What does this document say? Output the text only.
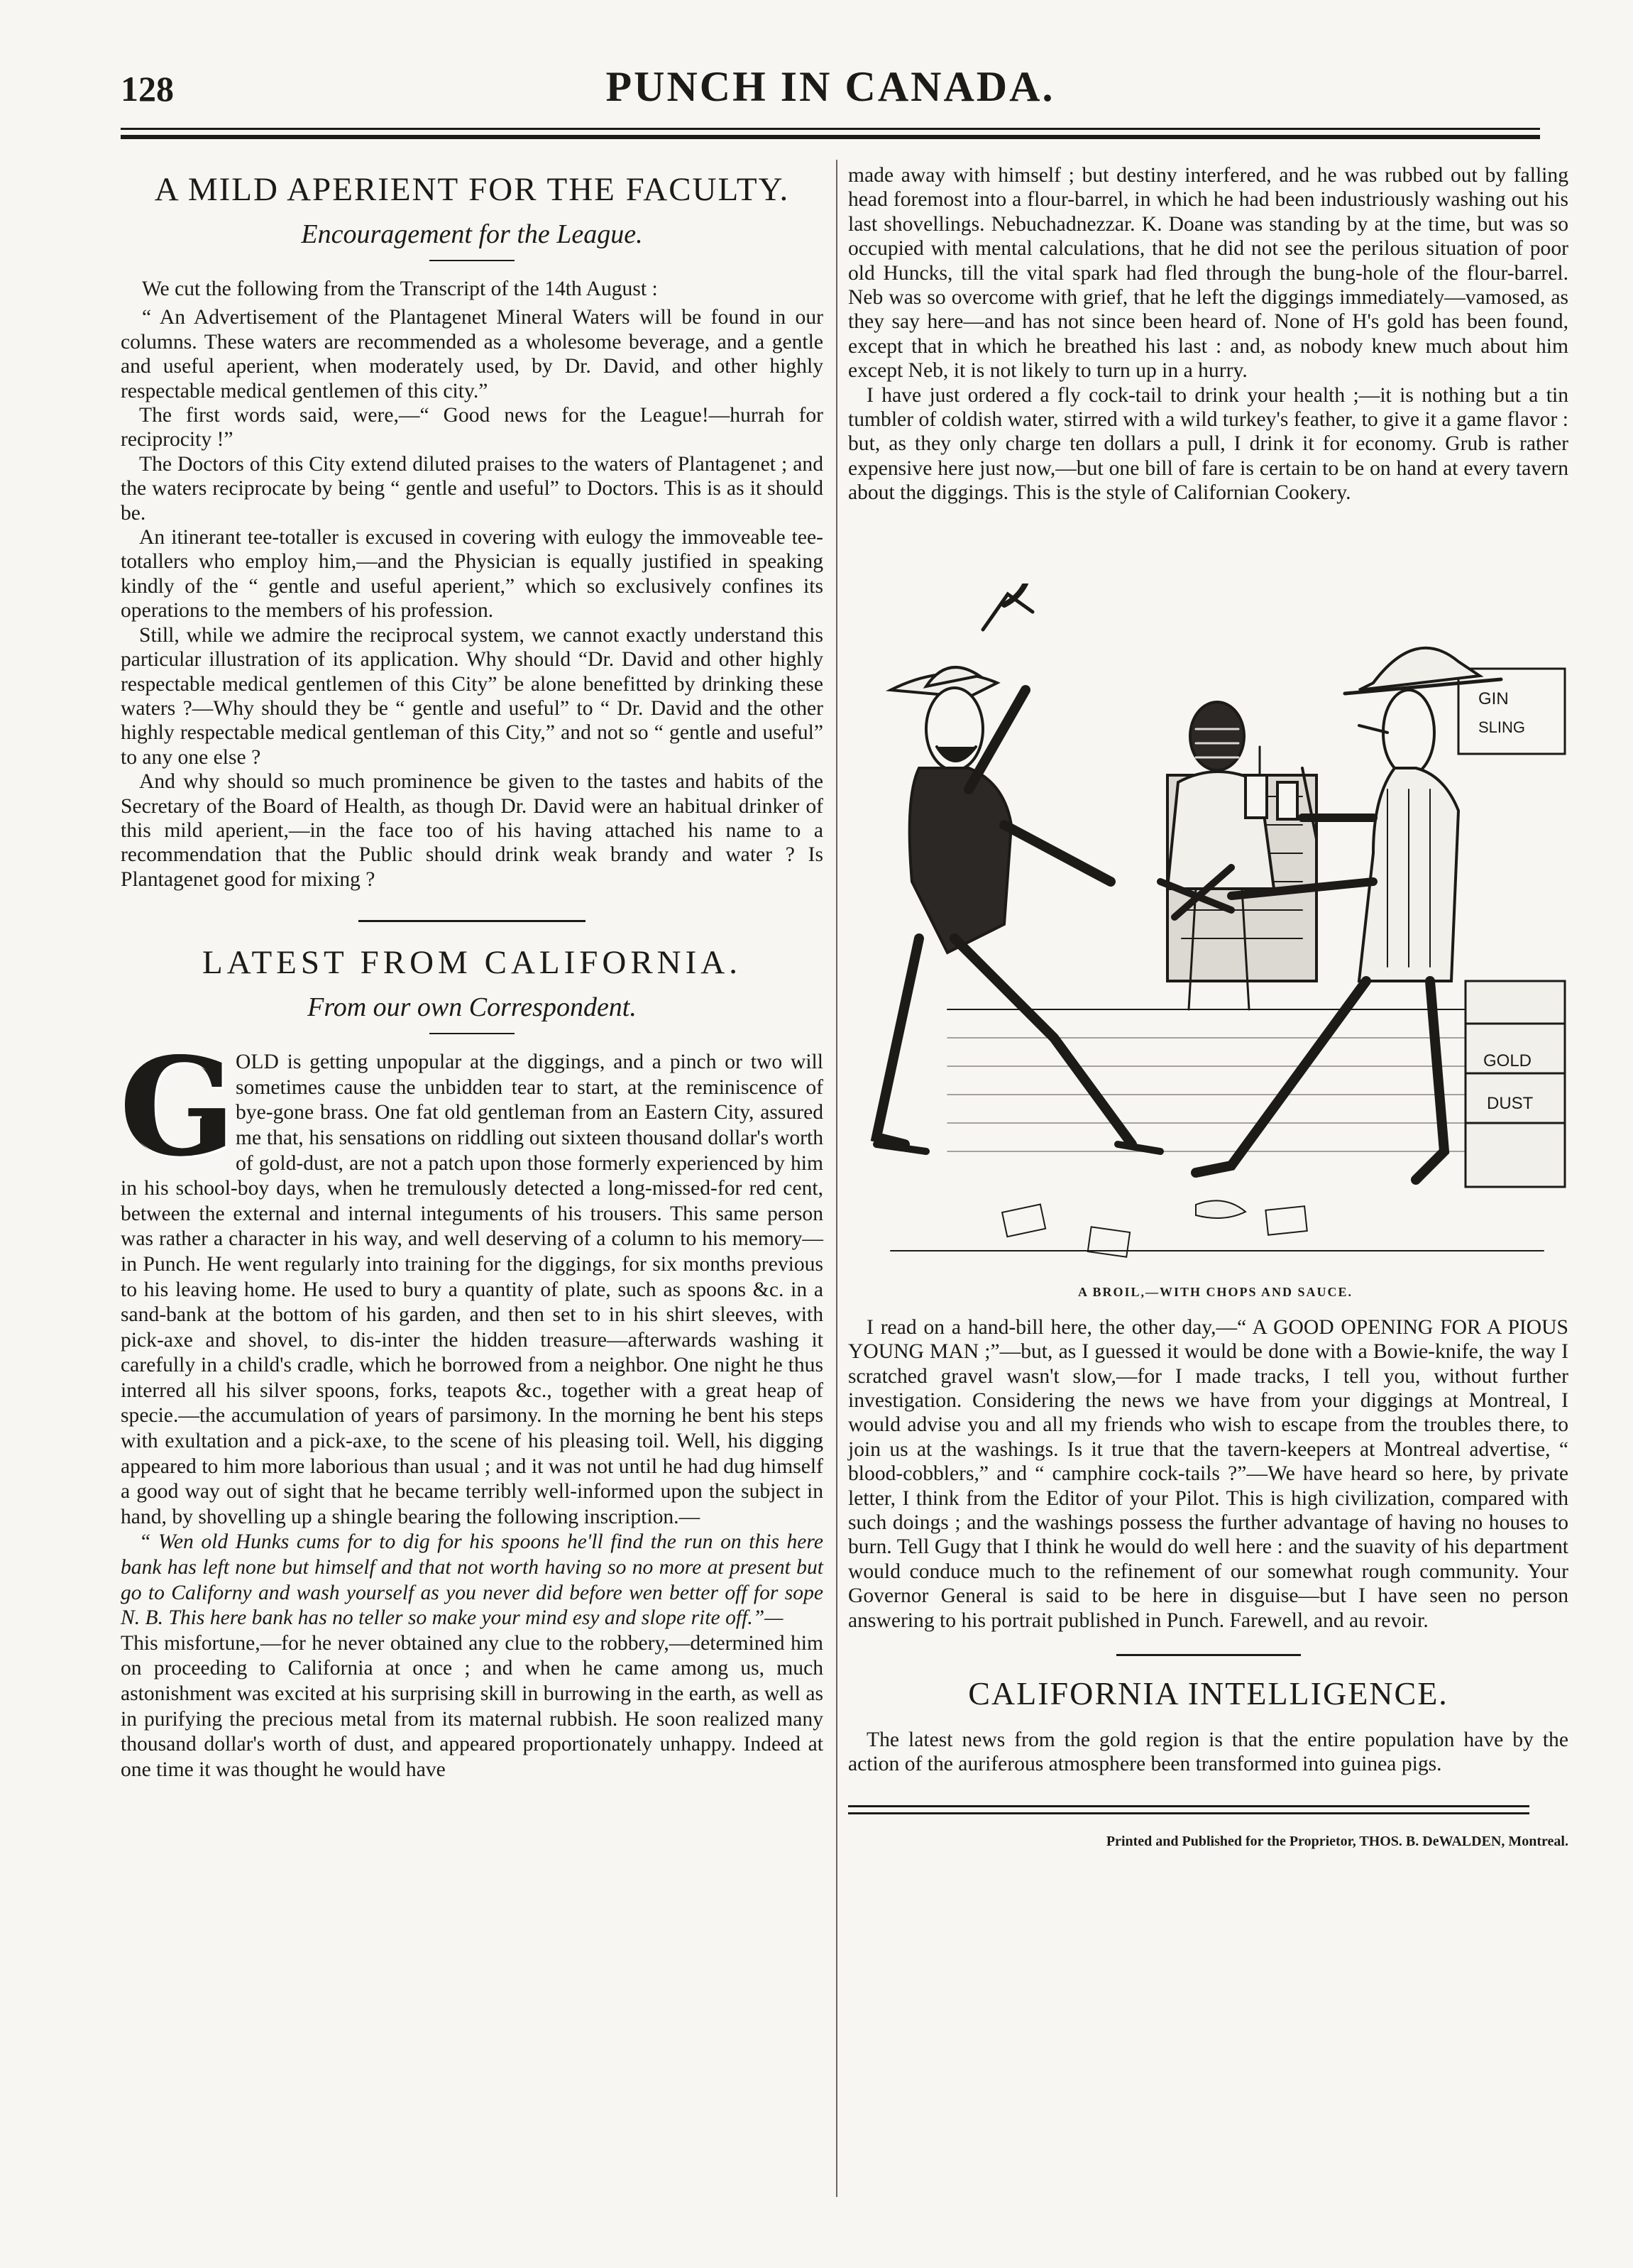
128	PUNCH IN CANADA.
A MILD APERIENT FOR THE FACULTY.
Encouragement for the League.

We cut the following from the Transcript of the 14th August :

“ An Advertisement of the Plantagenet Mineral Waters will be found in our columns. These waters are recommended as a wholesome beverage, and a gentle and useful aperient, when moderately used, by Dr. David, and other highly respectable medical gentlemen of this city.”

The first words said, were,—“ Good news for the League!—hurrah for reciprocity !”

The Doctors of this City extend diluted praises to the waters of Plantagenet ; and the waters reciprocate by being “ gentle and useful” to Doctors. This is as it should be.

An itinerant tee-totaller is excused in covering with eulogy the immoveable tee-totallers who employ him,—and the Physician is equally justified in speaking kindly of the “ gentle and useful aperient,” which so exclusively confines its operations to the members of his profession.

Still, while we admire the reciprocal system, we cannot exactly understand this particular illustration of its application. Why should “Dr. David and other highly respectable medical gentlemen of this City” be alone benefitted by drinking these waters ?—Why should they be “ gentle and useful” to “ Dr. David and the other highly respectable medical gentleman of this City,” and not so “ gentle and useful” to any one else ?

And why should so much prominence be given to the tastes and habits of the Secretary of the Board of Health, as though Dr. David were an habitual drinker of this mild aperient,—in the face too of his having attached his name to a recommendation that the Public should drink weak brandy and water ? Is Plantagenet good for mixing ?

LATEST FROM CALIFORNIA.
From our own Correspondent.
G OLD is getting unpopular at the diggings, and a pinch or two will sometimes cause the unbidden tear to start, at the reminiscence of bye-gone brass. One fat old gentleman from an Eastern City, assured me that, his sensations on riddling out sixteen thousand dollar's worth of gold-dust, are not a patch upon those formerly experienced by him in his school-boy days, when he tremulously detected a long-missed-for red cent, between the external and internal integuments of his trousers. This same person was rather a character in his way, and well deserving of a column to his memory—in Punch. He went regularly into training for the diggings, for six months previous to his leaving home. He used to bury a quantity of plate, such as spoons &c. in a sand-bank at the bottom of his garden, and then set to in his shirt sleeves, with pick-axe and shovel, to dis-inter the hidden treasure—afterwards washing it carefully in a child's cradle, which he borrowed from a neighbor. One night he thus interred all his silver spoons, forks, teapots &c., together with a great heap of specie.—the accumulation of years of parsimony. In the morning he bent his steps with exultation and a pick-axe, to the scene of his pleasing toil. Well, his digging appeared to him more laborious than usual ; and it was not until he had dug himself a good way out of sight that he became terribly well-informed upon the subject in hand, by shovelling up a shingle bearing the following inscription.—

“ Wen old Hunks cums for to dig for his spoons he'll find the run on this here bank has left none but himself and that not worth having so no more at present but go to Californy and wash yourself as you never did before wen better off for sope N. B. This here bank has no teller so make your mind esy and slope rite off.”—

This misfortune,—for he never obtained any clue to the robbery,—determined him on proceeding to California at once ; and when he came among us, much astonishment was excited at his surprising skill in burrowing in the earth, as well as in purifying the precious metal from its maternal rubbish. He soon realized many thousand dollar's worth of dust, and appeared proportionately unhappy. Indeed at one time it was thought he would have

made away with himself ; but destiny interfered, and he was rubbed out by falling head foremost into a flour-barrel, in which he had been industriously washing out his last shovellings. Nebuchadnezzar. K. Doane was standing by at the time, but was so occupied with mental calculations, that he did not see the perilous situation of poor old Huncks, till the vital spark had fled through the bung-hole of the flour-barrel. Neb was so overcome with grief, that he left the diggings immediately—vamosed, as they say here—and has not since been heard of. None of H's gold has been found, except that in which he breathed his last : and, as nobody knew much about him except Neb, it is not likely to turn up in a hurry.

I have just ordered a fly cock-tail to drink your health ;—it is nothing but a tin tumbler of coldish water, stirred with a wild turkey's feather, to give it a game flavor : but, as they only charge ten dollars a pull, I drink it for economy. Grub is rather expensive here just now,—but one bill of fare is certain to be on hand at every tavern about the diggings. This is the style of Californian Cookery.

GIN
SLING
GOLD
DUST
A BROIL,—WITH CHOPS AND SAUCE.

I read on a hand-bill here, the other day,—“ A GOOD OPENING FOR A PIOUS YOUNG MAN ;”—but, as I guessed it would be done with a Bowie-knife, the way I scratched gravel wasn't slow,—for I made tracks, I tell you, without further investigation. Considering the news we have from your diggings at Montreal, I would advise you and all my friends who wish to escape from the troubles there, to join us at the washings. Is it true that the tavern-keepers at Montreal advertise, “ blood-cobblers,” and “ camphire cock-tails ?”—We have heard so here, by private letter, I think from the Editor of your Pilot. This is high civilization, compared with such doings ; and the washings possess the further advantage of having no houses to burn. Tell Gugy that I think he would do well here : and the suavity of his department would conduce much to the refinement of our somewhat rough community. Your Governor General is said to be here in disguise—but I have seen no person answering to his portrait published in Punch. Farewell, and au revoir.

CALIFORNIA INTELLIGENCE.

The latest news from the gold region is that the entire population have by the action of the auriferous atmosphere been transformed into guinea pigs.

Printed and Published for the Proprietor, THOS. B. DeWALDEN, Montreal.
